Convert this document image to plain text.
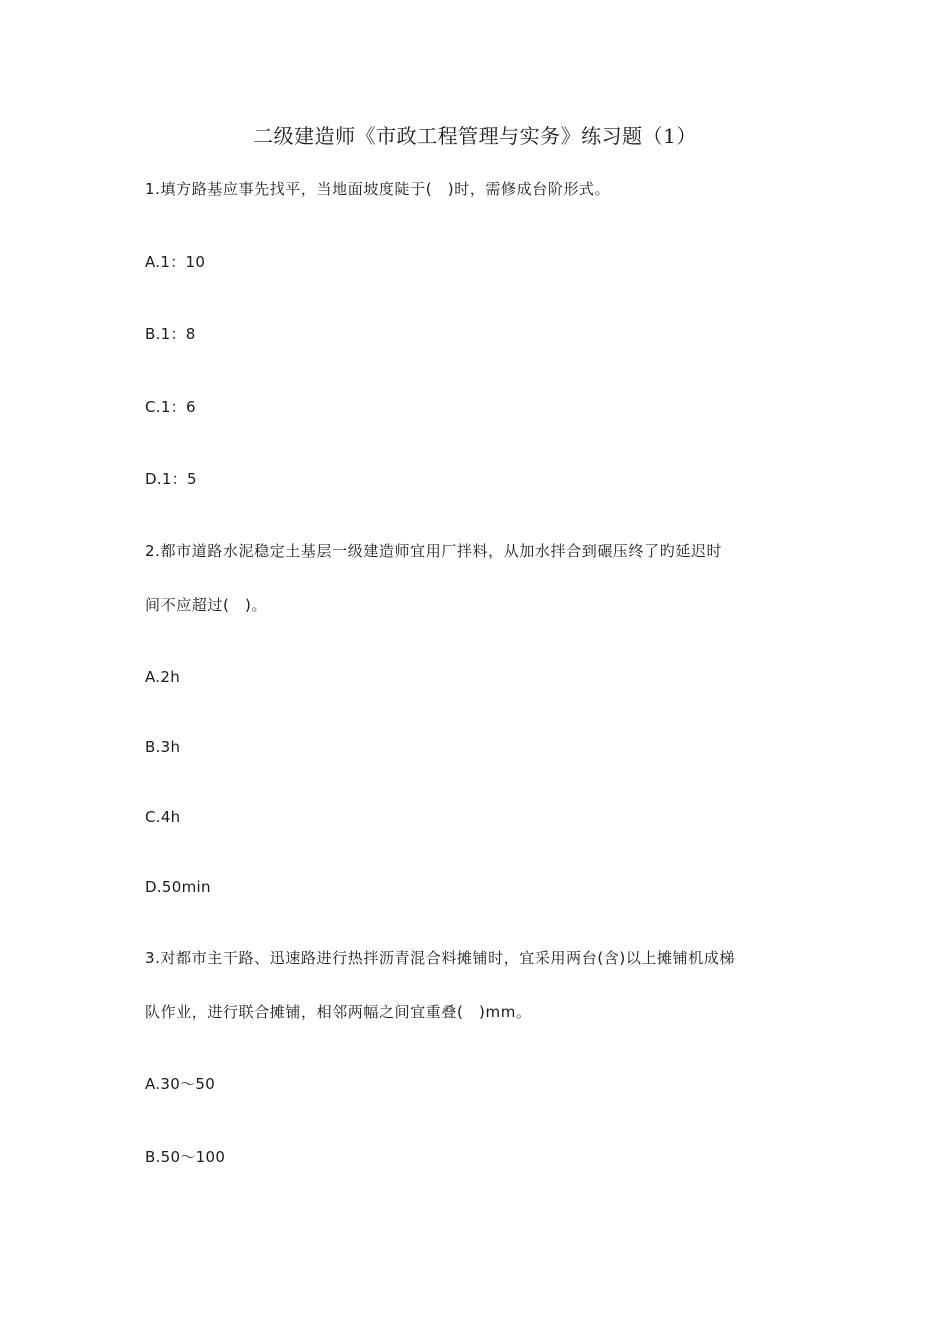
二级建造师《市政工程管理与实务》练习题（1）

1.填方路基应事先找平，当地面坡度陡于(　)时，需修成台阶形式。

A.1：10

B.1：8

C.1：6

D.1：5

2.都市道路水泥稳定土基层一级建造师宜用厂拌料，从加水拌合到碾压终了旳延迟时

间不应超过(　)。

A.2h

B.3h

C.4h

D.50min

3.对都市主干路、迅速路进行热拌沥青混合料摊铺时，宜采用两台(含)以上摊铺机成梯

队作业，进行联合摊铺，相邻两幅之间宜重叠(　)mm。

A.30～50

B.50～100
